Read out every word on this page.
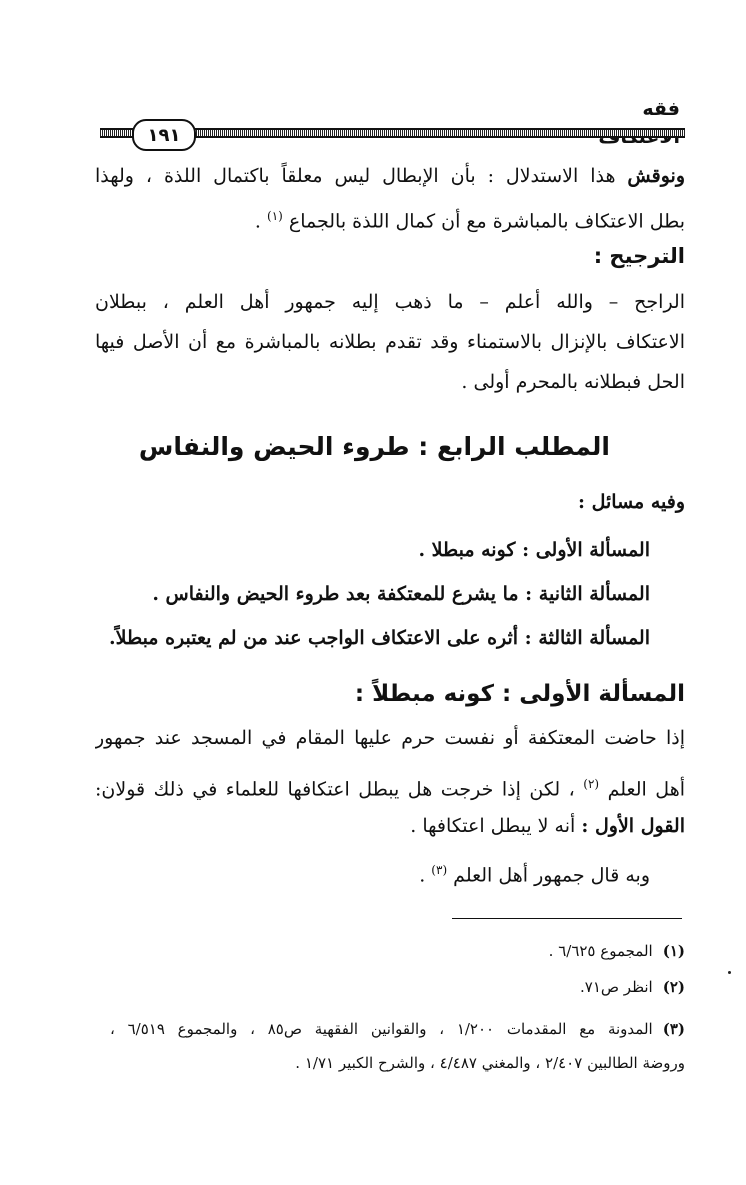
فقه
١٩١
ونوقش هذا الاستدلال : بأن الإبطال ليس معلقاً باكتمال اللذة ، ولهذا
بطل الاعتكاف بالمباشرة مع أن كمال اللذة بالجماع $^{(١)}$ .
الترجيح :
الراجح – والله أعلم – ما ذهب إليه جمهور أهل العلم ، ببطلان
الاعتكاف بالإنزال بالاستمناء وقد تقدم بطلانه بالمباشرة مع أن الأصل فيها
الحل فبطلانه بالمحرم أولى .
المطلب الرابع : طروء الحيض والنفاس
وفيه مسائل :
المسألة الأولى : كونه مبطلا .
المسألة الثانية : ما يشرع للمعتكفة بعد طروء الحيض والنفاس .
المسألة الثالثة : أثره على الاعتكاف الواجب عند من لم يعتبره مبطلاً.
المسألة الأولى : كونه مبطلاً :
إذا حاضت المعتكفة أو نفست حرم عليها المقام في المسجد عند جمهور
أهل العلم $^{(٢)}$ ، لكن إذا خرجت هل يبطل اعتكافها للعلماء في ذلك قولان:
القول الأول : أنه لا يبطل اعتكافها .
وبه قال جمهور أهل العلم $^{(٣)}$ .
(١)المجموع ٦/٦٢٥ .
(٢)انظر ص٧١.
(٣)المدونة مع المقدمات ١/٢٠٠ ، والقوانين الفقهية ص٨٥ ، والمجموع ٦/٥١٩ ،
وروضة الطالبين ٢/٤٠٧ ، والمغني ٤/٤٨٧ ، والشرح الكبير ١/٧١ .
